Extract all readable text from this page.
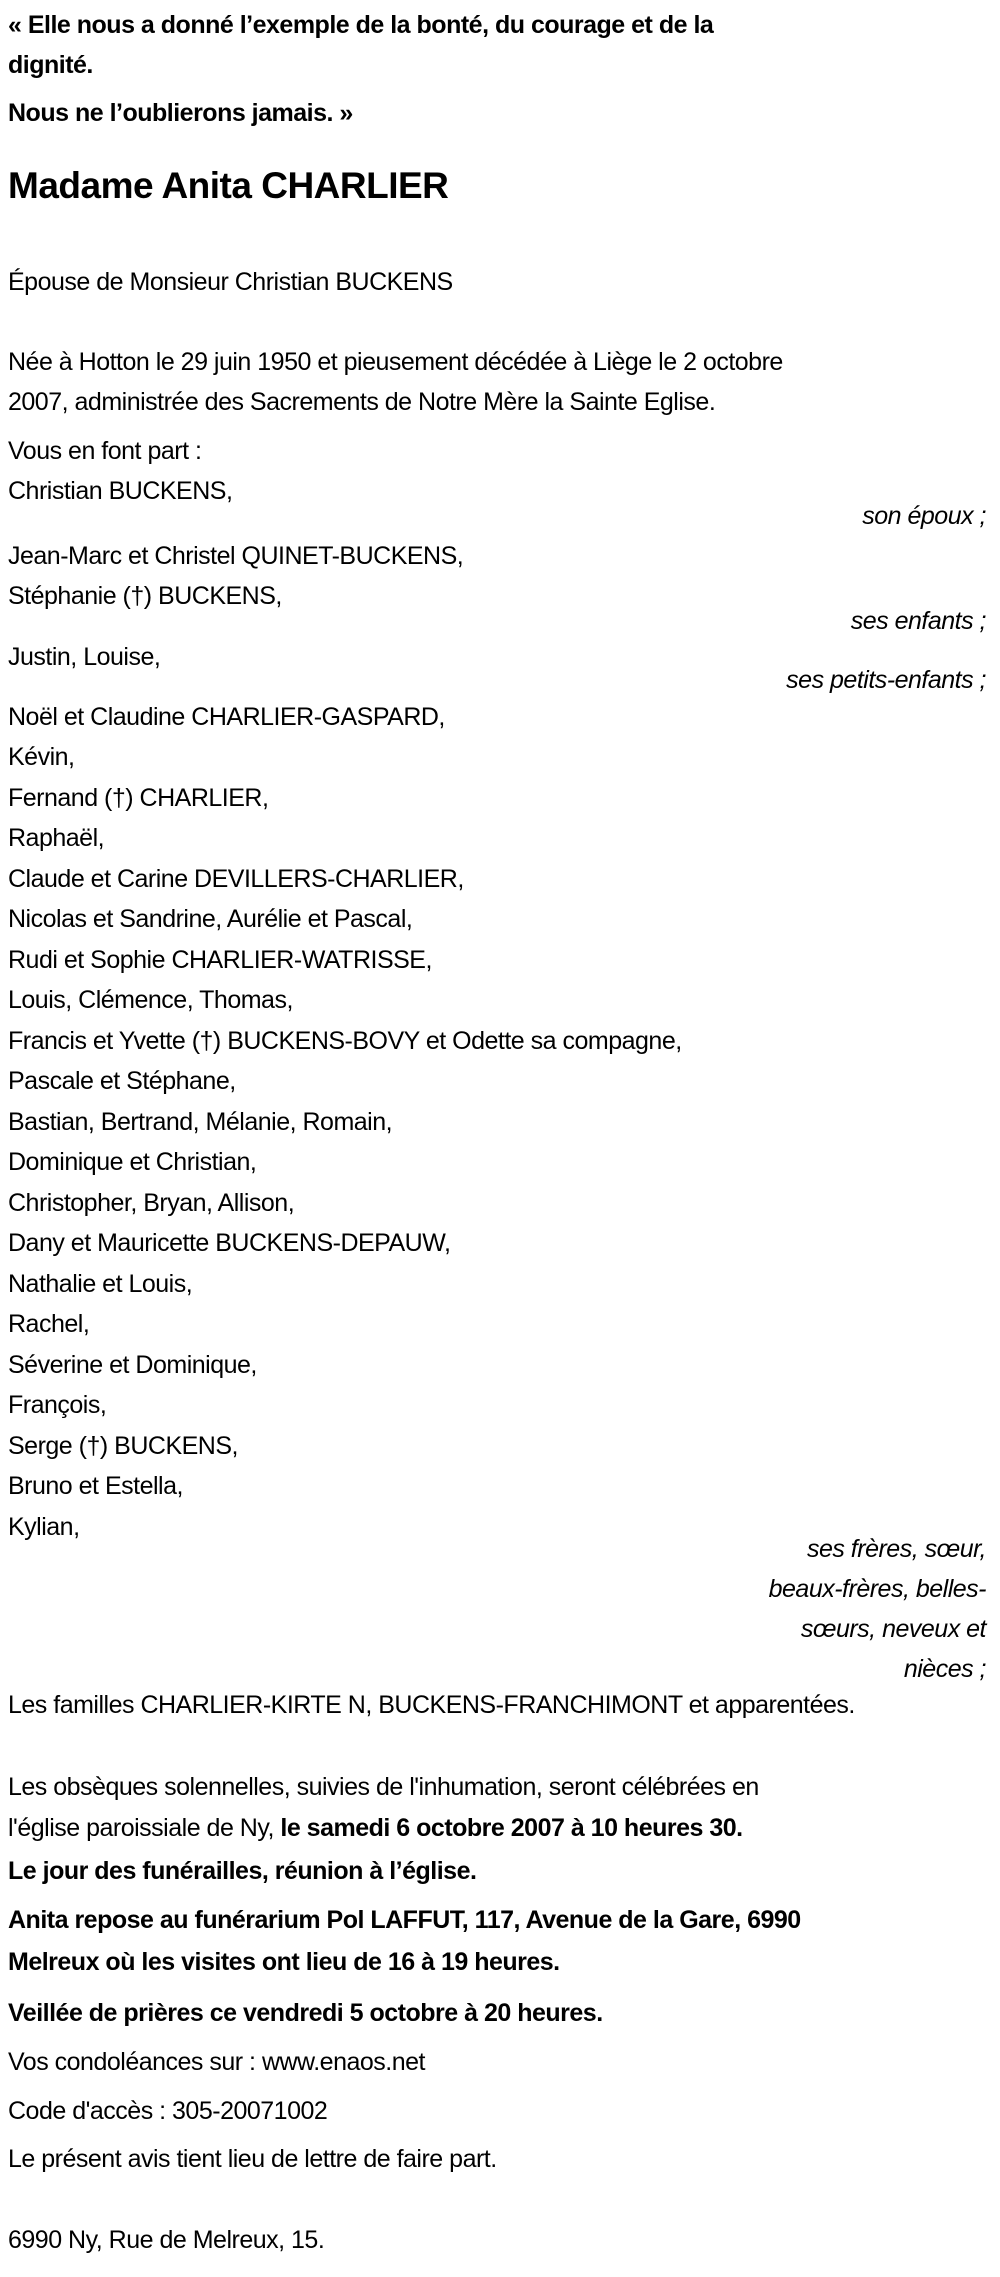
« Elle nous a donné l’exemple de la bonté, du courage et de la
dignité.
Nous ne l’oublierons jamais. »
Madame Anita CHARLIER
Épouse de Monsieur Christian BUCKENS
Née à Hotton le 29 juin 1950 et pieusement décédée à Liège le 2 octobre
2007, administrée des Sacrements de Notre Mère la Sainte Eglise.
Vous en font part :
Christian BUCKENS,
son époux ;
Jean-Marc et Christel QUINET-BUCKENS,
Stéphanie (†) BUCKENS,
ses enfants ;
Justin, Louise,
ses petits-enfants ;
Noël et Claudine CHARLIER-GASPARD,
Kévin,
Fernand (†) CHARLIER,
Raphaël,
Claude et Carine DEVILLERS-CHARLIER,
Nicolas et Sandrine, Aurélie et Pascal,
Rudi et Sophie CHARLIER-WATRISSE,
Louis, Clémence, Thomas,
Francis et Yvette (†) BUCKENS-BOVY et Odette sa compagne,
Pascale et Stéphane,
Bastian, Bertrand, Mélanie, Romain,
Dominique et Christian,
Christopher, Bryan, Allison,
Dany et Mauricette BUCKENS-DEPAUW,
Nathalie et Louis,
Rachel,
Séverine et Dominique,
François,
Serge (†) BUCKENS,
Bruno et Estella,
Kylian,
ses frères, sœur,
beaux-frères, belles-
sœurs, neveux et
nièces ;
Les familles CHARLIER-KIRTE N, BUCKENS-FRANCHIMONT et apparentées.
Les obsèques solennelles, suivies de l'inhumation, seront célébrées en
l'église paroissiale de Ny, le samedi 6 octobre 2007 à 10 heures 30.
Le jour des funérailles, réunion à l’église.
Anita repose au funérarium Pol LAFFUT, 117, Avenue de la Gare, 6990
Melreux où les visites ont lieu de 16 à 19 heures.
Veillée de prières ce vendredi 5 octobre à 20 heures.
Vos condoléances sur : www.enaos.net
Code d'accès : 305-20071002
Le présent avis tient lieu de lettre de faire part.
6990 Ny, Rue de Melreux, 15.
